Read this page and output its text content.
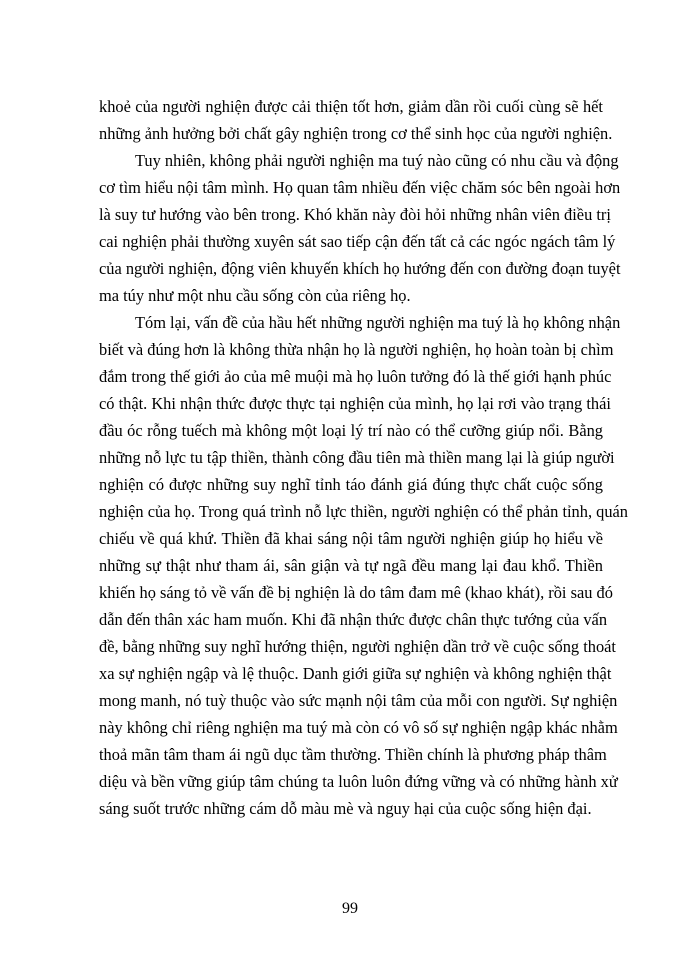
khoẻ của người nghiện được cải thiện tốt hơn, giảm dần rồi cuối cùng sẽ hết
những ảnh hưởng bởi chất gây nghiện trong cơ thể sinh học của người nghiện.
Tuy nhiên, không phải người nghiện ma tuý nào cũng có nhu cầu và động
cơ tìm hiểu nội tâm mình. Họ quan tâm nhiều đến việc chăm sóc bên ngoài hơn
là suy tư hướng vào bên trong. Khó khăn này đòi hỏi những nhân viên điều trị
cai nghiện phải thường xuyên sát sao tiếp cận đến tất cả các ngóc ngách tâm lý
của người nghiện, động viên khuyến khích họ hướng đến con đường đoạn tuyệt
ma túy như một nhu cầu sống còn của riêng họ.
Tóm lại, vấn đề của hầu hết những người nghiện ma tuý là họ không nhận
biết và đúng hơn là không thừa nhận họ là người nghiện, họ hoàn toàn bị chìm
đắm trong thế giới ảo của mê muội mà họ luôn tưởng đó là thế giới hạnh phúc
có thật. Khi nhận thức được thực tại nghiện của mình, họ lại rơi vào trạng thái
đầu óc rỗng tuếch mà không một loại lý trí nào có thể cưỡng giúp nổi. Bằng
những nỗ lực tu tập thiền, thành công đầu tiên mà thiền mang lại là giúp người
nghiện có được những suy nghĩ tỉnh táo đánh giá đúng thực chất cuộc sống
nghiện của họ. Trong quá trình nỗ lực thiền, người nghiện có thể phản tỉnh, quán
chiếu về quá khứ. Thiền đã khai sáng nội tâm người nghiện giúp họ hiểu về
những sự thật như tham ái, sân giận và tự ngã đều mang lại đau khổ. Thiền
khiến họ sáng tỏ về vấn đề bị nghiện là do tâm đam mê (khao khát), rồi sau đó
dẫn đến thân xác ham muốn. Khi đã nhận thức được chân thực tướng của vấn
đề, bằng những suy nghĩ hướng thiện, người nghiện dần trở về cuộc sống thoát
xa sự nghiện ngập và lệ thuộc. Danh giới giữa sự nghiện và không nghiện thật
mong manh, nó tuỳ thuộc vào sức mạnh nội tâm của mỗi con người. Sự nghiện
này không chỉ riêng nghiện ma tuý mà còn có vô số sự nghiện ngập khác nhằm
thoả mãn tâm tham ái ngũ dục tầm thường. Thiền chính là phương pháp thâm
diệu và bền vững giúp tâm chúng ta luôn luôn đứng vững và có những hành xử
sáng suốt trước những cám dỗ màu mè và nguy hại của cuộc sống hiện đại.
99
